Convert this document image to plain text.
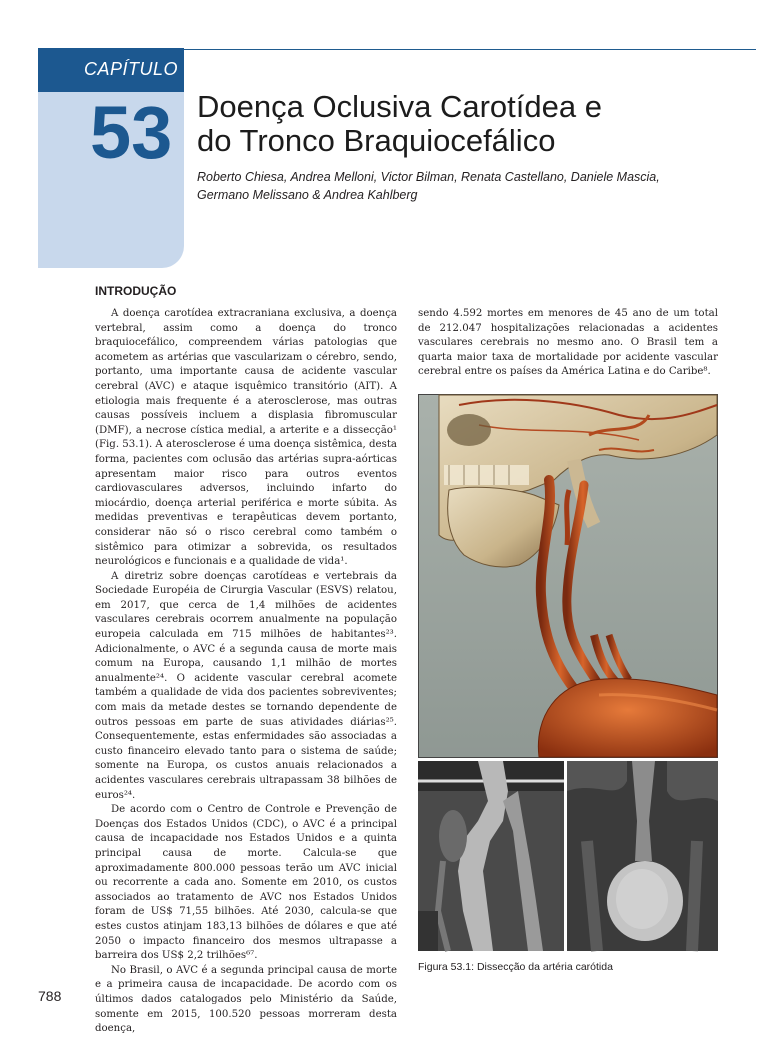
CAPÍTULO
53 Doença Oclusiva Carotídea e
do Tronco Braquiocefálico

Roberto Chiesa, Andrea Melloni, Victor Bilman, Renata Castellano, Daniele Mascia,
Germano Melissano & Andrea Kahlberg

INTRODUÇÃO

A doença carotídea extracraniana exclusiva, a doença vertebral, assim como a doença do tronco braquiocefálico, compreendem várias patologias que acometem as artérias que vascularizam o cérebro, sendo, portanto, uma importante causa de acidente vascular cerebral (AVC) e ataque isquêmico transitório (AIT). A etiologia mais frequente é a aterosclerose, mas outras causas possíveis incluem a displasia fibromuscular (DMF), a necrose cística medial, a arterite e a dissecção¹ (Fig. 53.1). A aterosclerose é uma doença sistêmica, desta forma, pacientes com oclusão das artérias supra-aórticas apresentam maior risco para outros eventos cardiovasculares adversos, incluindo infarto do miocárdio, doença arterial periférica e morte súbita. As medidas preventivas e terapêuticas devem portanto, considerar não só o risco cerebral como também o sistêmico para otimizar a sobrevida, os resultados neurológicos e funcionais e a qualidade de vida¹.

A diretriz sobre doenças carotídeas e vertebrais da Sociedade Européia de Cirurgia Vascular (ESVS) relatou, em 2017, que cerca de 1,4 milhões de acidentes vasculares cerebrais ocorrem anualmente na população europeia calculada em 715 milhões de habitantes²³. Adicionalmente, o AVC é a segunda causa de morte mais comum na Europa, causando 1,1 milhão de mortes anualmente²⁴. O acidente vascular cerebral acomete também a qualidade de vida dos pacientes sobreviventes; com mais da metade destes se tornando dependente de outros pessoas em parte de suas atividades diárias²⁵. Consequentemente, estas enfermidades são associadas a custo financeiro elevado tanto para o sistema de saúde; somente na Europa, os custos anuais relacionados a acidentes vasculares cerebrais ultrapassam 38 bilhões de euros²⁴.

De acordo com o Centro de Controle e Prevenção de Doenças dos Estados Unidos (CDC), o AVC é a principal causa de incapacidade nos Estados Unidos e a quinta principal causa de morte. Calcula-se que aproximadamente 800.000 pessoas terão um AVC inicial ou recorrente a cada ano. Somente em 2010, os custos associados ao tratamento de AVC nos Estados Unidos foram de US$ 71,55 bilhões. Até 2030, calcula-se que estes custos atinjam 183,13 bilhões de dólares e que até 2050 o impacto financeiro dos mesmos ultrapasse a barreira dos US$ 2,2 trilhões⁶⁷.

No Brasil, o AVC é a segunda principal causa de morte e a primeira causa de incapacidade. De acordo com os últimos dados catalogados pelo Ministério da Saúde, somente em 2015, 100.520 pessoas morreram desta doença,

sendo 4.592 mortes em menores de 45 ano de um total de 212.047 hospitalizações relacionadas a acidentes vasculares cerebrais no mesmo ano. O Brasil tem a quarta maior taxa de mortalidade por acidente vascular cerebral entre os países da América Latina e do Caribe⁸.

Figura 53.1: Dissecção da artéria carótida

788
